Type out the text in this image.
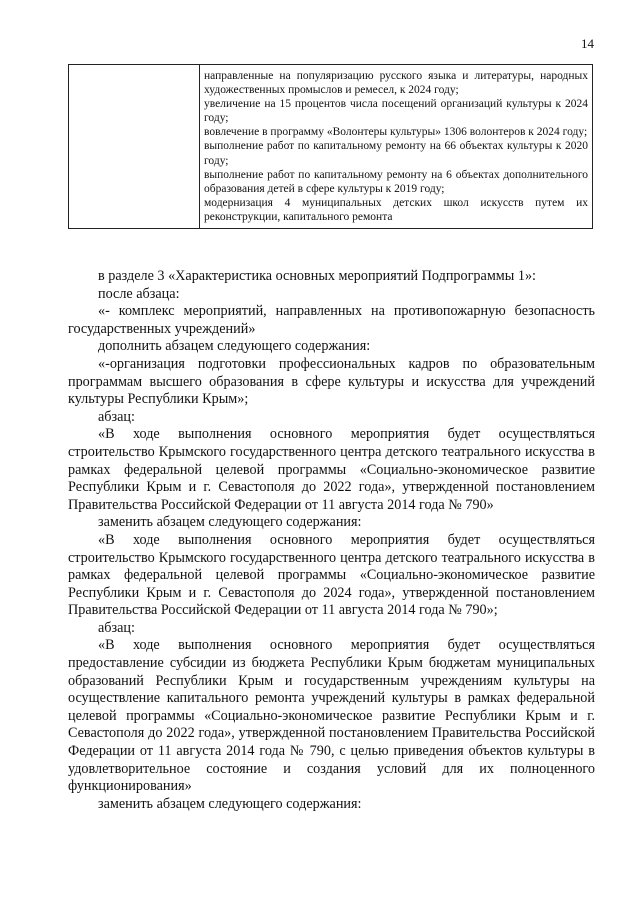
14

направленные на популяризацию русского языка и литературы, народных художественных промыслов и ремесел, к 2024 году;
увеличение на 15 процентов числа посещений организаций культуры к 2024 году;
вовлечение в программу «Волонтеры культуры» 1306 волонтеров к 2024 году;
выполнение работ по капитальному ремонту на 66 объектах культуры к 2020 году;
выполнение работ по капитальному ремонту на 6 объектах дополнительного образования детей в сфере культуры к 2019 году;
модернизация 4 муниципальных детских школ искусств путем их реконструкции, капитального ремонта

в разделе 3 «Характеристика основных мероприятий Подпрограммы 1»:

после абзаца:

«- комплекс мероприятий, направленных на противопожарную безопасность государственных учреждений»

дополнить абзацем следующего содержания:

«-организация подготовки профессиональных кадров по образовательным программам высшего образования в сфере культуры и искусства для учреждений культуры Республики Крым»;

абзац:

«В ходе выполнения основного мероприятия будет осуществляться строительство Крымского государственного центра детского театрального искусства в рамках федеральной целевой программы «Социально-экономическое развитие Республики Крым и г. Севастополя до 2022 года», утвержденной постановлением Правительства Российской Федерации от 11 августа 2014 года № 790»

заменить абзацем следующего содержания:

«В ходе выполнения основного мероприятия будет осуществляться строительство Крымского государственного центра детского театрального искусства в рамках федеральной целевой программы «Социально-экономическое развитие Республики Крым и г. Севастополя до 2024 года», утвержденной постановлением Правительства Российской Федерации от 11 августа 2014 года № 790»;

абзац:

«В ходе выполнения основного мероприятия будет осуществляться предоставление субсидии из бюджета Республики Крым бюджетам муниципальных образований Республики Крым и государственным учреждениям культуры на осуществление капитального ремонта учреждений культуры в рамках федеральной целевой программы «Социально-экономическое развитие Республики Крым и г. Севастополя до 2022 года», утвержденной постановлением Правительства Российской Федерации от 11 августа 2014 года № 790, с целью приведения объектов культуры в удовлетворительное состояние и создания условий для их полноценного функционирования»

заменить абзацем следующего содержания:
